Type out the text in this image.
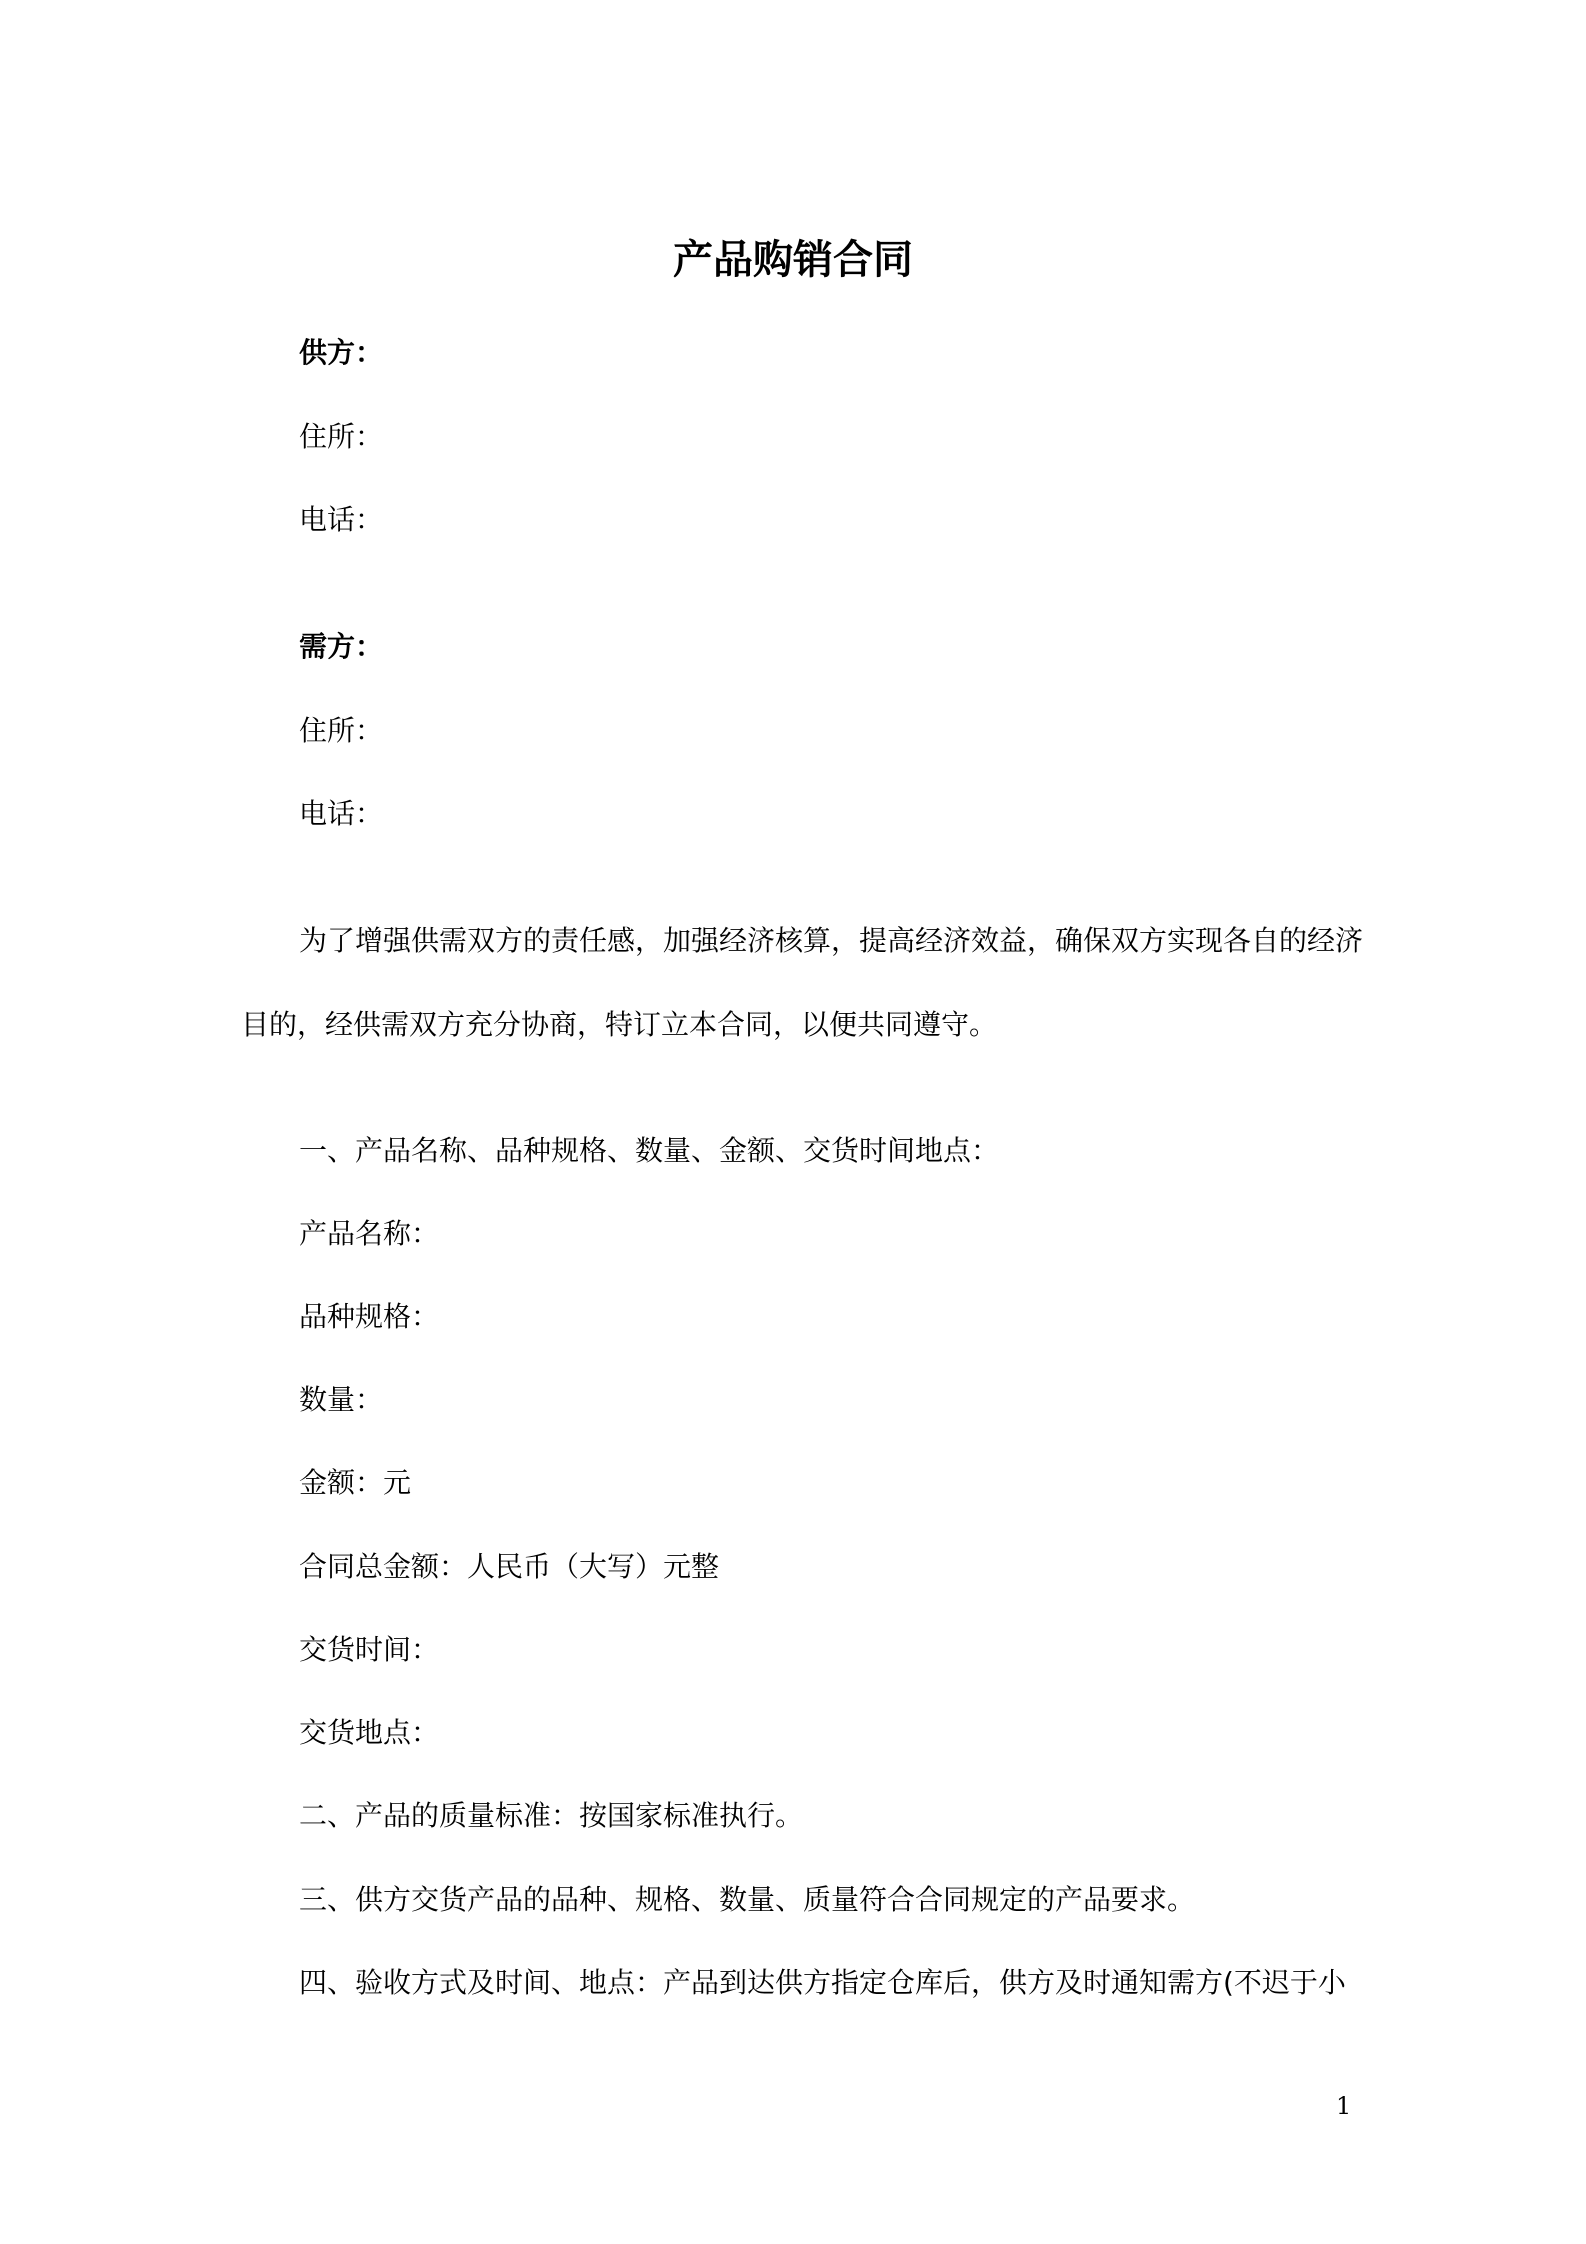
产品购销合同
供方：
住所：
电话：
需方：
住所：
电话：
为了增强供需双方的责任感，加强经济核算，提高经济效益，确保双方实现各自的经济
目的，经供需双方充分协商，特订立本合同，以便共同遵守。
一、产品名称、品种规格、数量、金额、交货时间地点：
产品名称：
品种规格：
数量：
金额：元
合同总金额：人民币（大写）元整
交货时间：
交货地点：
二、产品的质量标准：按国家标准执行。
三、供方交货产品的品种、规格、数量、质量符合合同规定的产品要求。
四、验收方式及时间、地点：产品到达供方指定仓库后，供方及时通知需方(不迟于小
1
